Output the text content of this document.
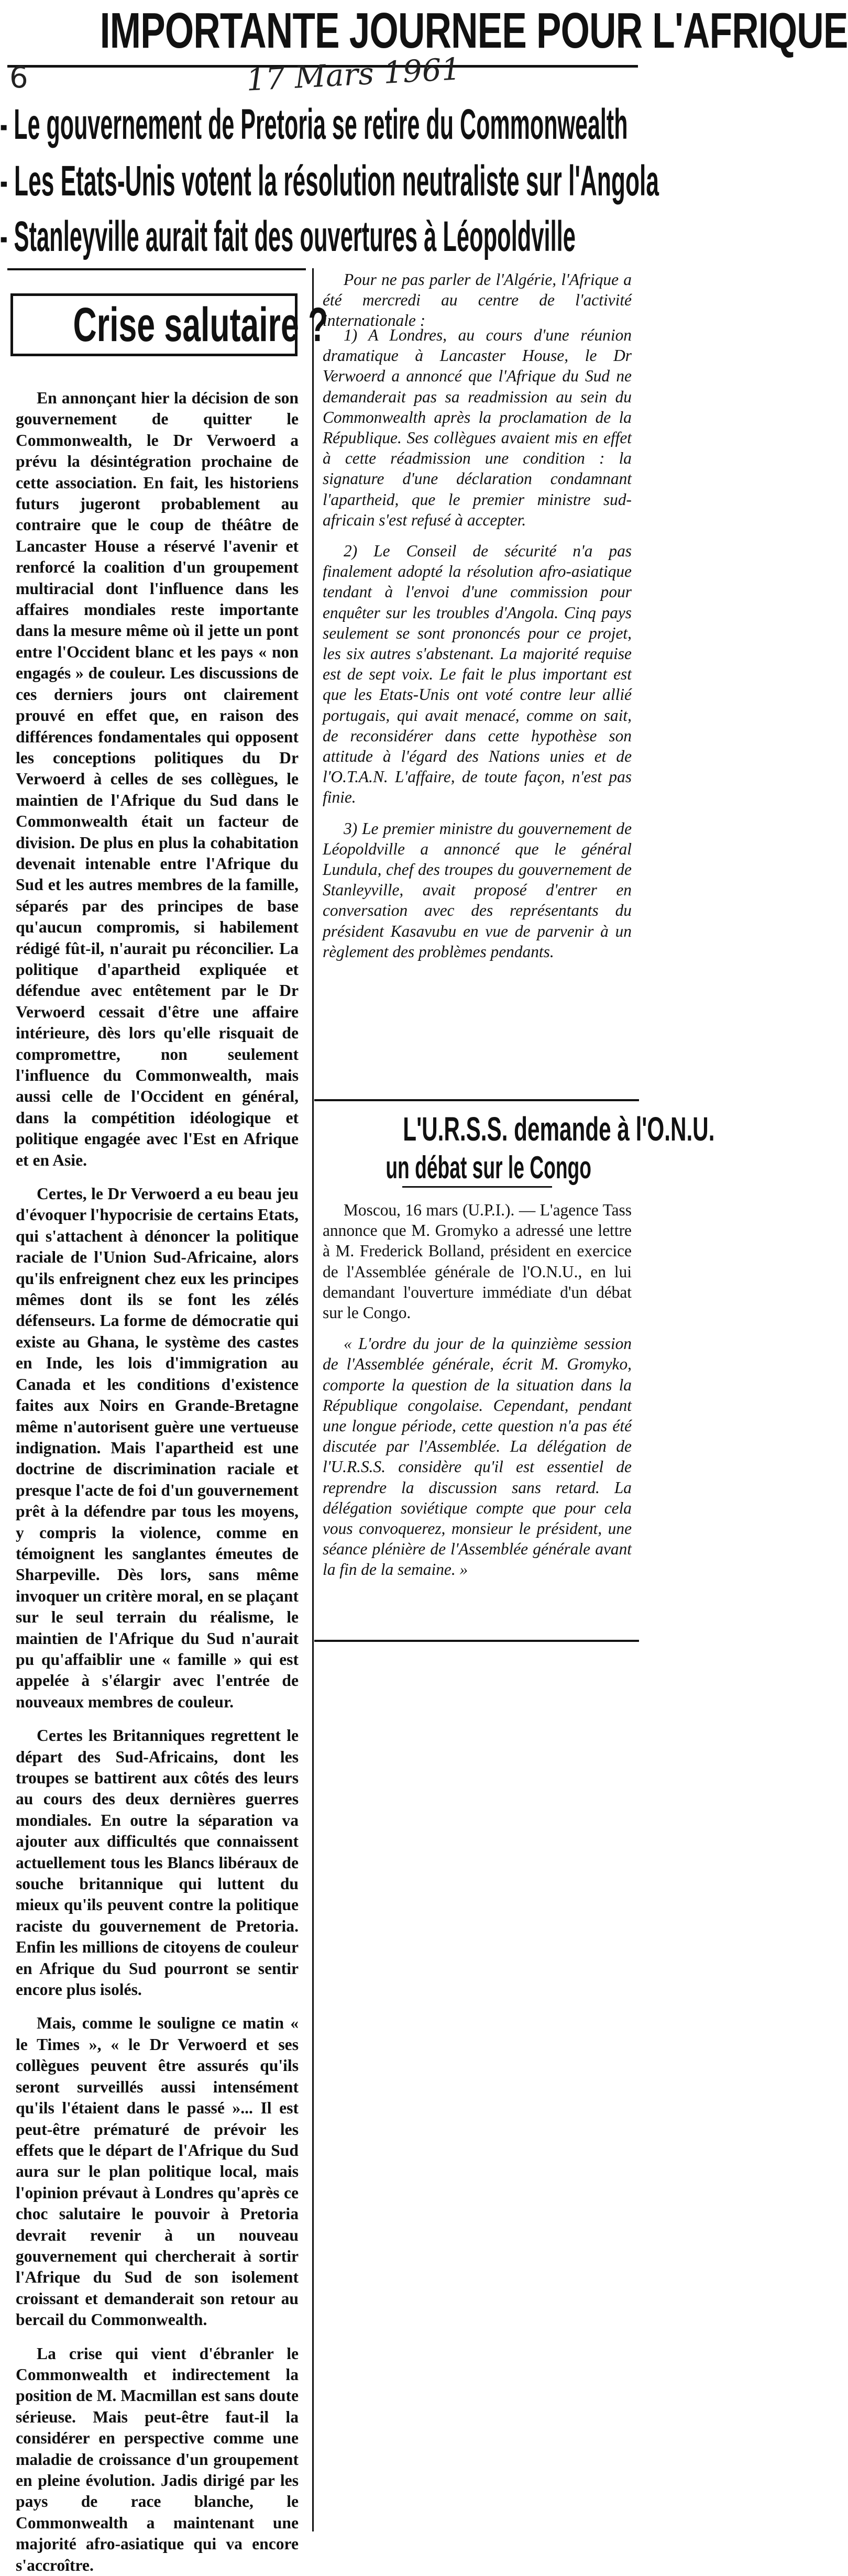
IMPORTANTE JOURNEE POUR L'AFRIQUE
6	17 Mars 1961
- Le gouvernement de Pretoria se retire du Commonwealth
- Les Etats-Unis votent la résolution neutraliste sur l'Angola
- Stanleyville aurait fait des ouvertures à Léopoldville
Crise salutaire ?

En annonçant hier la décision de son gouvernement de quitter le Commonwealth, le Dr Verwoerd a prévu la désintégration prochaine de cette association. En fait, les historiens futurs jugeront probablement au contraire que le coup de théâtre de Lancaster House a réservé l'avenir et renforcé la coalition d'un groupement multiracial dont l'influence dans les affaires mondiales reste importante dans la mesure même où il jette un pont entre l'Occident blanc et les pays « non engagés » de couleur. Les discussions de ces derniers jours ont clairement prouvé en effet que, en raison des différences fondamentales qui opposent les conceptions politiques du Dr Verwoerd à celles de ses collègues, le maintien de l'Afrique du Sud dans le Commonwealth était un facteur de division. De plus en plus la cohabitation devenait intenable entre l'Afrique du Sud et les autres membres de la famille, séparés par des principes de base qu'aucun compromis, si habilement rédigé fût-il, n'aurait pu réconcilier. La politique d'apartheid expliquée et défendue avec entêtement par le Dr Verwoerd cessait d'être une affaire intérieure, dès lors qu'elle risquait de compromettre, non seulement l'influence du Commonwealth, mais aussi celle de l'Occident en général, dans la compétition idéologique et politique engagée avec l'Est en Afrique et en Asie.

Certes, le Dr Verwoerd a eu beau jeu d'évoquer l'hypocrisie de certains Etats, qui s'attachent à dénoncer la politique raciale de l'Union Sud-Africaine, alors qu'ils enfreignent chez eux les principes mêmes dont ils se font les zélés défenseurs. La forme de démocratie qui existe au Ghana, le système des castes en Inde, les lois d'immigration au Canada et les conditions d'existence faites aux Noirs en Grande-Bretagne même n'autorisent guère une vertueuse indignation. Mais l'apartheid est une doctrine de discrimination raciale et presque l'acte de foi d'un gouvernement prêt à la défendre par tous les moyens, y compris la violence, comme en témoignent les sanglantes émeutes de Sharpeville. Dès lors, sans même invoquer un critère moral, en se plaçant sur le seul terrain du réalisme, le maintien de l'Afrique du Sud n'aurait pu qu'affaiblir une « famille » qui est appelée à s'élargir avec l'entrée de nouveaux membres de couleur.

Certes les Britanniques regrettent le départ des Sud-Africains, dont les troupes se battirent aux côtés des leurs au cours des deux dernières guerres mondiales. En outre la séparation va ajouter aux difficultés que connaissent actuellement tous les Blancs libéraux de souche britannique qui luttent du mieux qu'ils peuvent contre la politique raciste du gouvernement de Pretoria. Enfin les millions de citoyens de couleur en Afrique du Sud pourront se sentir encore plus isolés.

Mais, comme le souligne ce matin « le Times », « le Dr Verwoerd et ses collègues peuvent être assurés qu'ils seront surveillés aussi intensément qu'ils l'étaient dans le passé »... Il est peut-être prématuré de prévoir les effets que le départ de l'Afrique du Sud aura sur le plan politique local, mais l'opinion prévaut à Londres qu'après ce choc salutaire le pouvoir à Pretoria devrait revenir à un nouveau gouvernement qui chercherait à sortir l'Afrique du Sud de son isolement croissant et demanderait son retour au bercail du Commonwealth.

La crise qui vient d'ébranler le Commonwealth et indirectement la position de M. Macmillan est sans doute sérieuse. Mais peut-être faut-il la considérer en perspective comme une maladie de croissance d'un groupement en pleine évolution. Jadis dirigé par les pays de race blanche, le Commonwealth a maintenant une majorité afro-asiatique qui va encore s'accroître.

Pour ne pas parler de l'Algérie, l'Afrique a été mercredi au centre de l'activité internationale :

1) A Londres, au cours d'une réunion dramatique à Lancaster House, le Dr Verwoerd a annoncé que l'Afrique du Sud ne demanderait pas sa readmission au sein du Commonwealth après la proclamation de la République. Ses collègues avaient mis en effet à cette réadmission une condition : la signature d'une déclaration condamnant l'apartheid, que le premier ministre sud-africain s'est refusé à accepter.

2) Le Conseil de sécurité n'a pas finalement adopté la résolution afro-asiatique tendant à l'envoi d'une commission pour enquêter sur les troubles d'Angola. Cinq pays seulement se sont prononcés pour ce projet, les six autres s'abstenant. La majorité requise est de sept voix. Le fait le plus important est que les Etats-Unis ont voté contre leur allié portugais, qui avait menacé, comme on sait, de reconsidérer dans cette hypothèse son attitude à l'égard des Nations unies et de l'O.T.A.N. L'affaire, de toute façon, n'est pas finie.

3) Le premier ministre du gouvernement de Léopoldville a annoncé que le général Lundula, chef des troupes du gouvernement de Stanleyville, avait proposé d'entrer en conversation avec des représentants du président Kasavubu en vue de parvenir à un règlement des problèmes pendants.

L'U.R.S.S. demande à l'O.N.U.
un débat sur le Congo

Moscou, 16 mars (U.P.I.). — L'agence Tass annonce que M. Gromyko a adressé une lettre à M. Frederick Bolland, président en exercice de l'Assemblée générale de l'O.N.U., en lui demandant l'ouverture immédiate d'un débat sur le Congo.

« L'ordre du jour de la quinzième session de l'Assemblée générale, écrit M. Gromyko, comporte la question de la situation dans la République congolaise. Cependant, pendant une longue période, cette question n'a pas été discutée par l'Assemblée. La délégation de l'U.R.S.S. considère qu'il est essentiel de reprendre la discussion sans retard. La délégation soviétique compte que pour cela vous convoquerez, monsieur le président, une séance plénière de l'Assemblée générale avant la fin de la semaine. »
